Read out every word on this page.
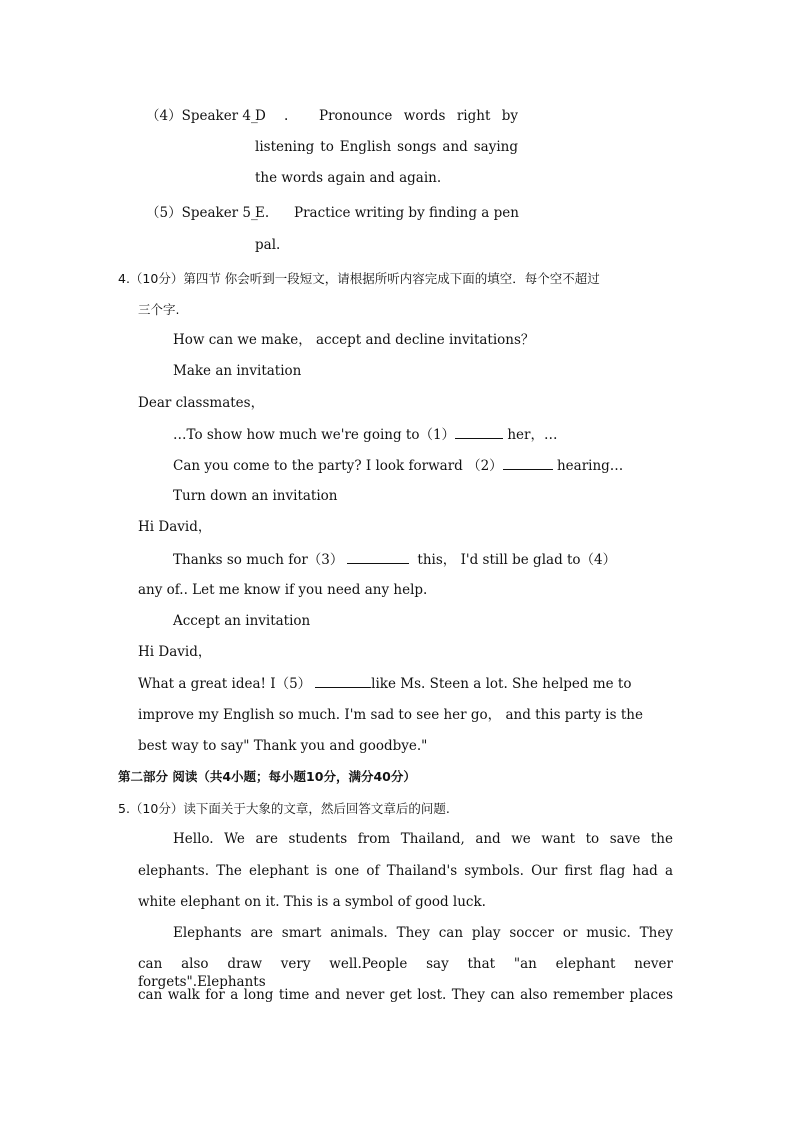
（4）Speaker 4_
D . Pronounce words right by
listening to English songs and saying
the words again and again.
（5）Speaker 5_
E. Practice writing by finding a pen
pal.
4.（10分）第四节 你会听到一段短文，请根据所听内容完成下面的填空．每个空不超过
三个字.
How can we make， accept and decline invitations？
Make an invitation
Dear classmates，
…To show how much we're going to（1）	her，…
Can you come to the party? I look forward （2）	hearing…
Turn down an invitation
Hi David，
Thanks so much for（3）	this， I'd still be glad to（4）
any of.. Let me know if you need any help.
Accept an invitation
Hi David，
What a great idea! I（5）	like Ms. Steen a lot. She helped me to
improve my English so much. I'm sad to see her go， and this party is the
best way to say" Thank you and goodbye."
第二部分 阅读（共4小题；每小题10分，满分40分）
5.（10分）读下面关于大象的文章，然后回答文章后的问题.
Hello. We are students from Thailand, and we want to save the
elephants. The elephant is one of Thailand's symbols. Our first flag had a
white elephant on it. This is a symbol of good luck.
Elephants are smart animals. They can play soccer or music. They
can also draw very well.People say that "an elephant never forgets".Elephants
can walk for a long time and never get lost. They can also remember places
